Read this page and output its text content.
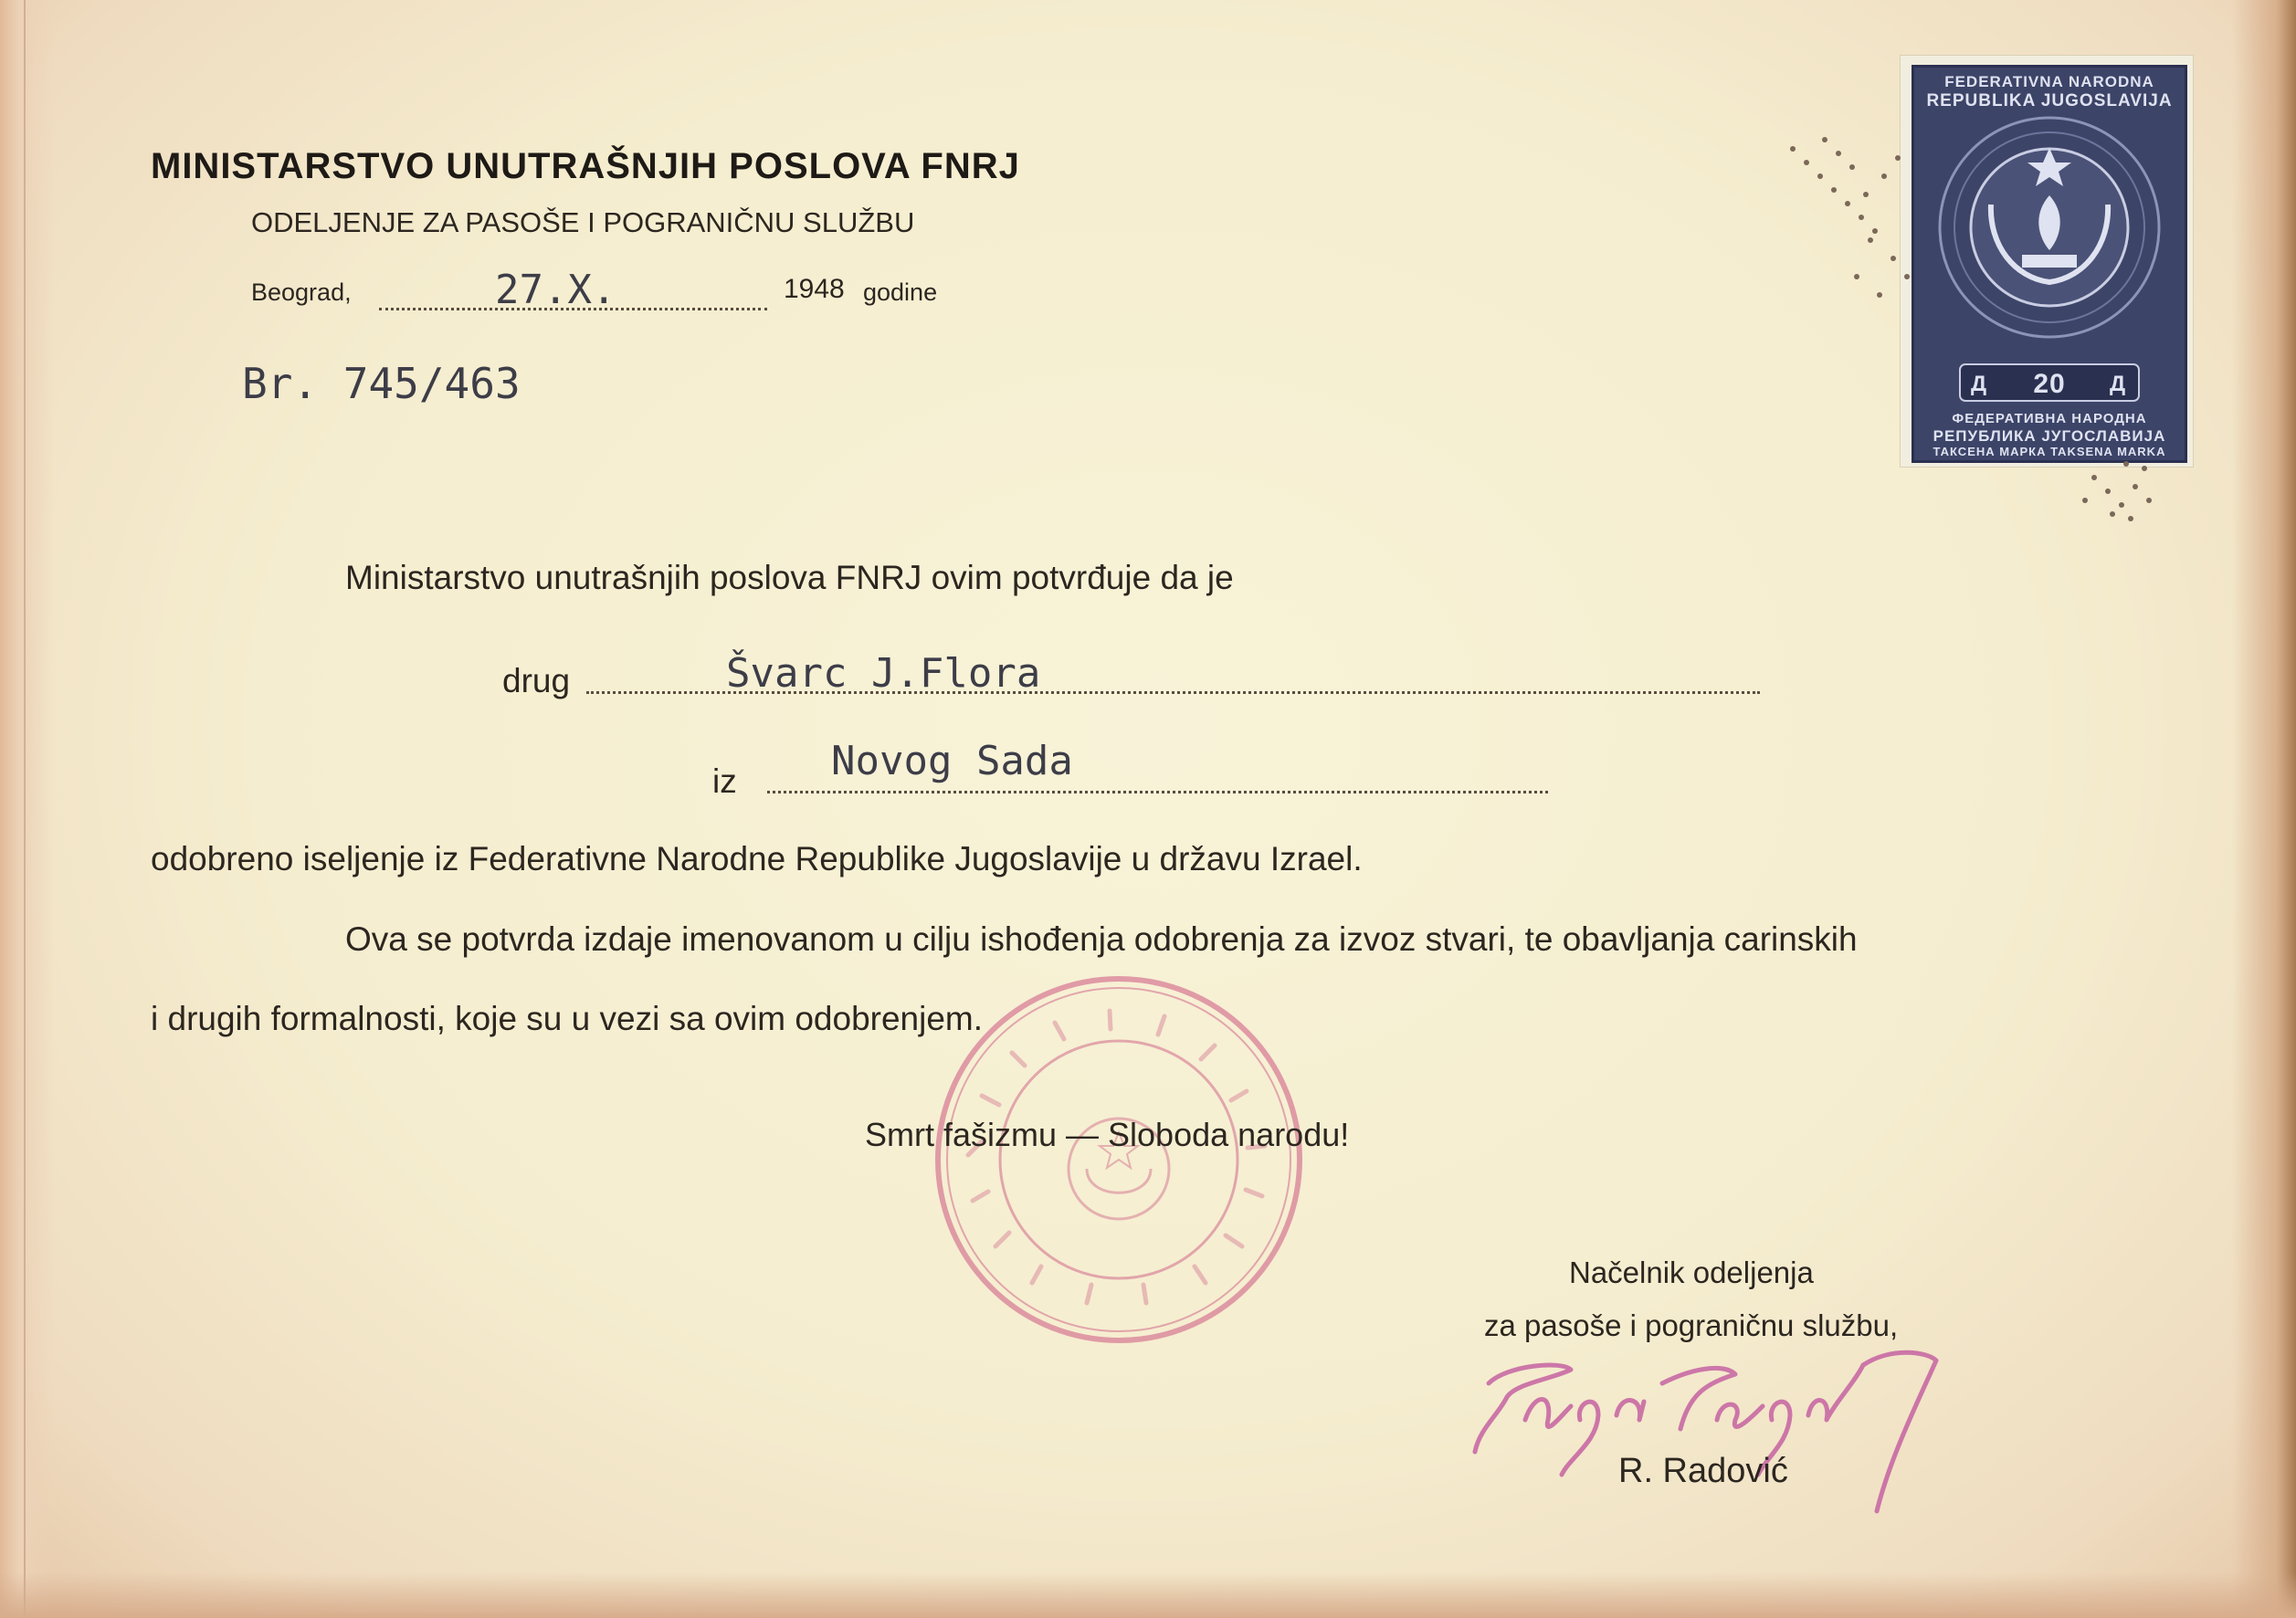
MINISTARSTVO UNUTRAŠNJIH POSLOVA FNRJ
ODELJENJE ZA PASOŠE I POGRANIČNU SLUŽBU
Beograd,	27.X.	1948 godine
Br. 745/463
FEDERATIVNA NARODNA
REPUBLIKA JUGOSLAVIJA
20
Д	Д
ФЕДЕРАТИВНА НАРОДНА
РЕПУБЛИКА ЈУГОСЛАВИЈА
ТАКСЕНА МАРКА TAKSENA MARKA
Ministarstvo unutrašnjih poslova FNRJ ovim potvrđuje da je
drug	Švarc J.Flora
iz Novog Sada
odobreno iseljenje iz Federativne Narodne Republike Jugoslavije u državu Izrael.
Ova se potvrda izdaje imenovanom u cilju ishođenja odobrenja za izvoz stvari, te obavljanja carinskih
i drugih formalnosti, koje su u vezi sa ovim odobrenjem.
Smrt fašizmu — Sloboda narodu!
Načelnik odeljenja
za pasoše i pograničnu službu,
R. Radović
